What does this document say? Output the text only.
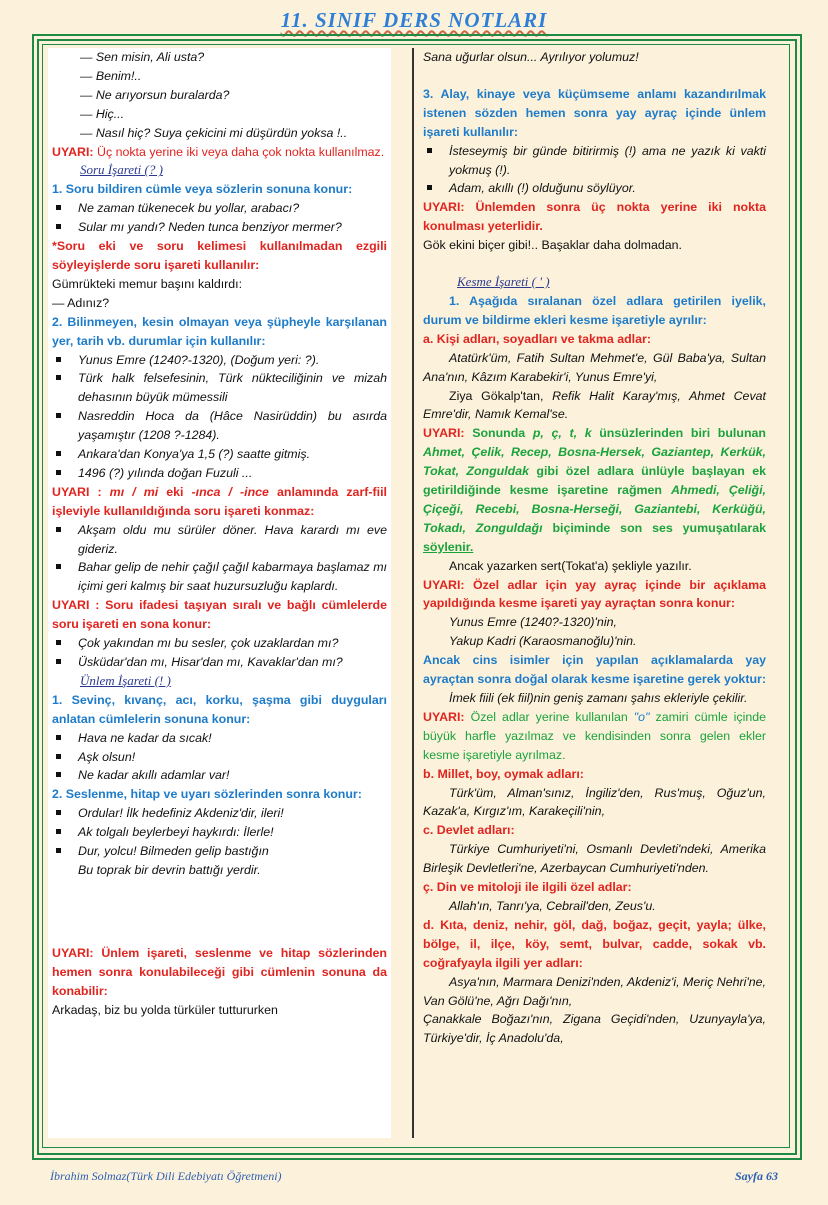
11. SINIF DERS NOTLARI

— Sen misin, Ali usta?

— Benim!..

— Ne arıyorsun buralarda?

— Hiç...

— Nasıl hiç? Suya çekicini mi düşürdün yoksa !..

UYARI: Üç nokta yerine iki veya daha çok nokta kullanılmaz.

Soru İşareti (? )

1. Soru bildiren cümle veya sözlerin sonuna konur:

Ne zaman tükenecek bu yollar, arabacı?
Sular mı yandı? Neden tunca benziyor mermer?

*Soru eki ve soru kelimesi kullanılmadan ezgili söyleyişlerde soru işareti kullanılır:

Gümrükteki memur başını kaldırdı:

— Adınız?

2. Bilinmeyen, kesin olmayan veya şüpheyle karşılanan yer, tarih vb. durumlar için kullanılır:

Yunus Emre (1240?-1320), (Doğum yeri: ?).
Türk halk felsefesinin, Türk nükteciliğinin ve mizah dehasının büyük mümessili
Nasreddin Hoca da (Hâce Nasirüddin) bu asırda yaşamıştır (1208 ?-1284).
Ankara'dan Konya'ya 1,5 (?) saatte gitmiş.
1496 (?) yılında doğan Fuzuli ...

UYARI : mı / mi eki -ınca / -ince anlamında zarf-fiil işleviyle kullanıldığında soru işareti konmaz:

Akşam oldu mu sürüler döner. Hava karardı mı eve gideriz.
Bahar gelip de nehir çağıl çağıl kabarmaya başlamaz mı içimi geri kalmış bir saat huzursuzluğu kaplardı.

UYARI : Soru ifadesi taşıyan sıralı ve bağlı cümlelerde soru işareti en sona konur:

Çok yakından mı bu sesler, çok uzaklardan mı?
Üsküdar'dan mı, Hisar'dan mı, Kavaklar'dan mı?

Ünlem İşareti (! )

1. Sevinç, kıvanç, acı, korku, şaşma gibi duyguları anlatan cümlelerin sonuna konur:

Hava ne kadar da sıcak!
Aşk olsun!
Ne kadar akıllı adamlar var!

2. Seslenme, hitap ve uyarı sözlerinden sonra konur:

Ordular! İlk hedefiniz Akdeniz'dir, ileri!
Ak tolgalı beylerbeyi haykırdı: İlerle!
Dur, yolcu! Bilmeden gelip bastığın

Bu toprak bir devrin battığı yerdir.

UYARI: Ünlem işareti, seslenme ve hitap sözlerinden hemen sonra konulabileceği gibi cümlenin sonuna da konabilir:

Arkadaş, biz bu yolda türküler tuttururken

Sana uğurlar olsun... Ayrılıyor yolumuz!

3. Alay, kinaye veya küçümseme anlamı kazandırılmak istenen sözden hemen sonra yay ayraç içinde ünlem işareti kullanılır:

İsteseymiş bir günde bitirirmiş (!) ama ne yazık ki vakti yokmuş (!).
Adam, akıllı (!) olduğunu söylüyor.

UYARI: Ünlemden sonra üç nokta yerine iki nokta konulması yeterlidir.

Gök ekini biçer gibi!.. Başaklar daha dolmadan.

Kesme İşareti ( ' )

1. Aşağıda sıralanan özel adlara getirilen iyelik, durum ve bildirme ekleri kesme işaretiyle ayrılır:

a. Kişi adları, soyadları ve takma adlar:

Atatürk'üm, Fatih Sultan Mehmet'e, Gül Baba'ya, Sultan Ana'nın, Kâzım Karabekir'i, Yunus Emre'yi,

Ziya Gökalp'tan, Refik Halit Karay'mış, Ahmet Cevat Emre'dir, Namık Kemal'se.

UYARI: Sonunda p, ç, t, k ünsüzlerinden biri bulunan Ahmet, Çelik, Recep, Bosna-Hersek, Gaziantep, Kerkük, Tokat, Zonguldak gibi özel adlara ünlüyle başlayan ek getirildiğinde kesme işaretine rağmen Ahmedi, Çeliği, Çiçeği, Recebi, Bosna-Herseği, Gaziantebi, Kerküğü, Tokadı, Zonguldağı biçiminde son ses yumuşatılarak söylenir.

Ancak yazarken sert(Tokat'a) şekliyle yazılır.

UYARI: Özel adlar için yay ayraç içinde bir açıklama yapıldığında kesme işareti yay ayraçtan sonra konur:

Yunus Emre (1240?-1320)'nin,

Yakup Kadri (Karaosmanoğlu)'nin.

Ancak cins isimler için yapılan açıklamalarda yay ayraçtan sonra doğal olarak kesme işaretine gerek yoktur:

İmek fiili (ek fiil)nin geniş zamanı şahıs ekleriyle çekilir.

UYARI: Özel adlar yerine kullanılan "o" zamiri cümle içinde büyük harfle yazılmaz ve kendisinden sonra gelen ekler kesme işaretiyle ayrılmaz.

b. Millet, boy, oymak adları:

Türk'üm, Alman'sınız, İngiliz'den, Rus'muş, Oğuz'un, Kazak'a, Kırgız'ım, Karakeçili'nin,

c. Devlet adları:

Türkiye Cumhuriyeti'ni, Osmanlı Devleti'ndeki, Amerika Birleşik Devletleri'ne, Azerbaycan Cumhuriyeti'nden.

ç. Din ve mitoloji ile ilgili özel adlar:

Allah'ın, Tanrı'ya, Cebrail'den, Zeus'u.

d. Kıta, deniz, nehir, göl, dağ, boğaz, geçit, yayla; ülke, bölge, il, ilçe, köy, semt, bulvar, cadde, sokak vb. coğrafyayla ilgili yer adları:

Asya'nın, Marmara Denizi'nden, Akdeniz'i, Meriç Nehri'ne, Van Gölü'ne, Ağrı Dağı'nın,

Çanakkale Boğazı'nın, Zigana Geçidi'nden, Uzunyayla'ya, Türkiye'dir, İç Anadolu'da,

İbrahim Solmaz(Türk Dili Edebiyatı Öğretmeni)	Sayfa 63
